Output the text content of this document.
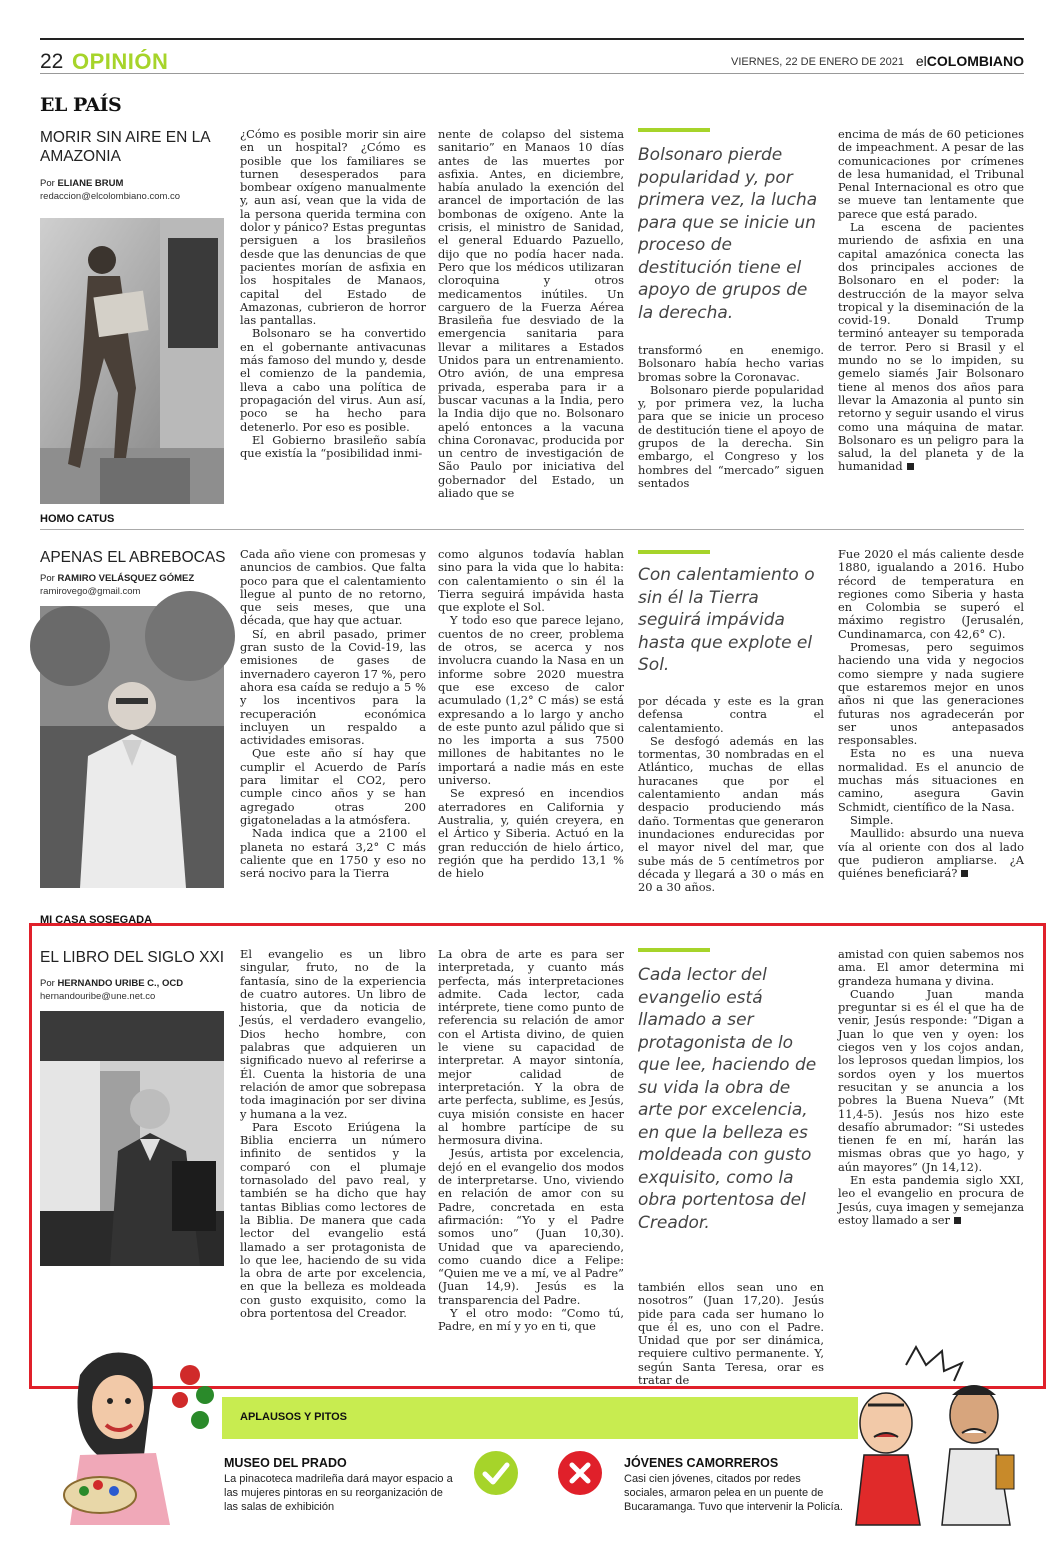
22 OPINIÓN	VIERNES, 22 DE ENERO DE 2021 elCOLOMBIANO
EL PAÍS
MORIR SIN AIRE EN LA AMAZONIA
Por ELIANE BRUM
redaccion@elcolombiano.com.co

¿Cómo es posible morir sin aire en un hospital? ¿Cómo es posible que los familiares se turnen desesperados para bombear oxígeno manualmente y, aun así, vean que la vida de la persona querida termina con dolor y pánico? Estas preguntas persiguen a los brasileños desde que las denuncias de que pacientes morían de asfixia en los hospitales de Manaos, capital del Estado de Amazonas, cubrieron de horror las pantallas.

Bolsonaro se ha convertido en el gobernante antivacunas más famoso del mundo y, desde el comienzo de la pandemia, lleva a cabo una política de propagación del virus. Aun así, poco se ha hecho para detenerlo. Por eso es posible.

El Gobierno brasileño sabía que existía la “posibilidad inmi-

nente de colapso del sistema sanitario” en Manaos 10 días antes de las muertes por asfixia. Antes, en diciembre, había anulado la exención del arancel de importación de las bombonas de oxígeno. Ante la crisis, el ministro de Sanidad, el general Eduardo Pazuello, dijo que no podía hacer nada. Pero que los médicos utilizaran cloroquina y otros medicamentos inútiles. Un carguero de la Fuerza Aérea Brasileña fue desviado de la emergencia sanitaria para llevar a militares a Estados Unidos para un entrenamiento. Otro avión, de una empresa privada, esperaba para ir a buscar vacunas a la India, pero la India dijo que no. Bolsonaro apeló entonces a la vacuna china Coronavac, producida por un centro de investigación de São Paulo por iniciativa del gobernador del Estado, un aliado que se

Bolsonaro pierde popularidad y, por primera vez, la lucha para que se inicie un proceso de destitución tiene el apoyo de grupos de la derecha.

transformó en enemigo. Bolsonaro había hecho varias bromas sobre la Coronavac.

Bolsonaro pierde popularidad y, por primera vez, la lucha para que se inicie un proceso de destitución tiene el apoyo de grupos de la derecha. Sin embargo, el Congreso y los hombres del “mercado” siguen sentados

encima de más de 60 peticiones de impeachment. A pesar de las comunicaciones por crímenes de lesa humanidad, el Tribunal Penal Internacional es otro que se mueve tan lentamente que parece que está parado.

La escena de pacientes muriendo de asfixia en una capital amazónica conecta las dos principales acciones de Bolsonaro en el poder: la destrucción de la mayor selva tropical y la diseminación de la covid-19. Donald Trump terminó anteayer su temporada de terror. Pero si Brasil y el mundo no se lo impiden, su gemelo siamés Jair Bolsonaro tiene al menos dos años para llevar la Amazonia al punto sin retorno y seguir usando el virus como una máquina de matar. Bolsonaro es un peligro para la salud, la del planeta y de la humanidad

HOMO CATUS
APENAS EL ABREBOCAS
Por RAMIRO VELÁSQUEZ GÓMEZ
ramirovego@gmail.com

Cada año viene con promesas y anuncios de cambios. Que falta poco para que el calentamiento llegue al punto de no retorno, que seis meses, que una década, que hay que actuar.

Sí, en abril pasado, primer gran susto de la Covid-19, las emisiones de gases de invernadero cayeron 17 %, pero ahora esa caída se redujo a 5 % y los incentivos para la recuperación económica incluyen un respaldo a actividades emisoras.

Que este año sí hay que cumplir el Acuerdo de París para limitar el CO2, pero cumple cinco años y se han agregado otras 200 gigatoneladas a la atmósfera.

Nada indica que a 2100 el planeta no estará 3,2° C más caliente que en 1750 y eso no será nocivo para la Tierra

como algunos todavía hablan sino para la vida que lo habita: con calentamiento o sin él la Tierra seguirá impávida hasta que explote el Sol.

Y todo eso que parece lejano, cuentos de no creer, problema de otros, se acerca y nos involucra cuando la Nasa en un informe sobre 2020 muestra que ese exceso de calor acumulado (1,2° C más) se está expresando a lo largo y ancho de este punto azul pálido que si no les importa a sus 7500 millones de habitantes no le importará a nadie más en este universo.

Se expresó en incendios aterradores en California y Australia, y, quién creyera, en el Ártico y Siberia. Actuó en la gran reducción de hielo ártico, región que ha perdido 13,1 % de hielo

Con calentamiento o sin él la Tierra seguirá impávida hasta que explote el Sol.

por década y este es la gran defensa contra el calentamiento.

Se desfogó además en las tormentas, 30 nombradas en el Atlántico, muchas de ellas huracanes que por el calentamiento andan más despacio produciendo más daño. Tormentas que generaron inundaciones endurecidas por el mayor nivel del mar, que sube más de 5 centímetros por década y llegará a 30 o más en 20 a 30 años.

Fue 2020 el más caliente desde 1880, igualando a 2016. Hubo récord de temperatura en regiones como Siberia y hasta en Colombia se superó el máximo registro (Jerusalén, Cundinamarca, con 42,6° C).

Promesas, pero seguimos haciendo una vida y negocios como siempre y nada sugiere que estaremos mejor en unos años ni que las generaciones futuras nos agradecerán por ser unos antepasados responsables.

Esta no es una nueva normalidad. Es el anuncio de muchas más situaciones en camino, asegura Gavin Schmidt, científico de la Nasa.

Simple.

Maullido: absurdo una nueva vía al oriente con dos al lado que pudieron ampliarse. ¿A quiénes beneficiará?

MI CASA SOSEGADA
EL LIBRO DEL SIGLO XXI
Por HERNANDO URIBE C., OCD
hernandouribe@une.net.co

El evangelio es un libro singular, fruto, no de la fantasía, sino de la experiencia de cuatro autores. Un libro de historia, que da noticia de Jesús, el verdadero evangelio, Dios hecho hombre, con palabras que adquieren un significado nuevo al referirse a Él. Cuenta la historia de una relación de amor que sobrepasa toda imaginación por ser divina y humana a la vez.

Para Escoto Eriúgena la Biblia encierra un número infinito de sentidos y la comparó con el plumaje tornasolado del pavo real, y también se ha dicho que hay tantas Biblias como lectores de la Biblia. De manera que cada lector del evangelio está llamado a ser protagonista de lo que lee, haciendo de su vida la obra de arte por excelencia, en que la belleza es moldeada con gusto exquisito, como la obra portentosa del Creador.

La obra de arte es para ser interpretada, y cuanto más perfecta, más interpretaciones admite. Cada lector, cada intérprete, tiene como punto de referencia su relación de amor con el Artista divino, de quien le viene su capacidad de interpretar. A mayor sintonía, mejor calidad de interpretación. Y la obra de arte perfecta, sublime, es Jesús, cuya misión consiste en hacer al hombre partícipe de su hermosura divina.

Jesús, artista por excelencia, dejó en el evangelio dos modos de interpretarse. Uno, viviendo en relación de amor con su Padre, concretada en esta afirmación: “Yo y el Padre somos uno” (Juan 10,30). Unidad que va apareciendo, como cuando dice a Felipe: “Quien me ve a mí, ve al Padre” (Juan 14,9). Jesús es la transparencia del Padre.

Y el otro modo: “Como tú, Padre, en mí y yo en ti, que

Cada lector del evangelio está llamado a ser protagonista de lo que lee, haciendo de su vida la obra de arte por excelencia, en que la belleza es moldeada con gusto exquisito, como la obra portentosa del Creador.

también ellos sean uno en nosotros” (Juan 17,20). Jesús pide para cada ser humano lo que él es, uno con el Padre. Unidad que por ser dinámica, requiere cultivo permanente. Y, según Santa Teresa, orar es tratar de

amistad con quien sabemos nos ama. El amor determina mi grandeza humana y divina.

Cuando Juan manda preguntar si es él el que ha de venir, Jesús responde: “Digan a Juan lo que ven y oyen: los ciegos ven y los cojos andan, los leprosos quedan limpios, los sordos oyen y los muertos resucitan y se anuncia a los pobres la Buena Nueva” (Mt 11,4-5). Jesús nos hizo este desafío abrumador: “Si ustedes tienen fe en mí, harán las mismas obras que yo hago, y aún mayores” (Jn 14,12).

En esta pandemia siglo XXI, leo el evangelio en procura de Jesús, cuya imagen y semejanza estoy llamado a ser

APLAUSOS Y PITOS
MUSEO DEL PRADO
La pinacoteca madrileña dará mayor espacio a las mujeres pintoras en su reorganización de las salas de exhibición
JÓVENES CAMORREROS
Casi cien jóvenes, citados por redes sociales, armaron pelea en un puente de Bucaramanga. Tuvo que intervenir la Policía.
